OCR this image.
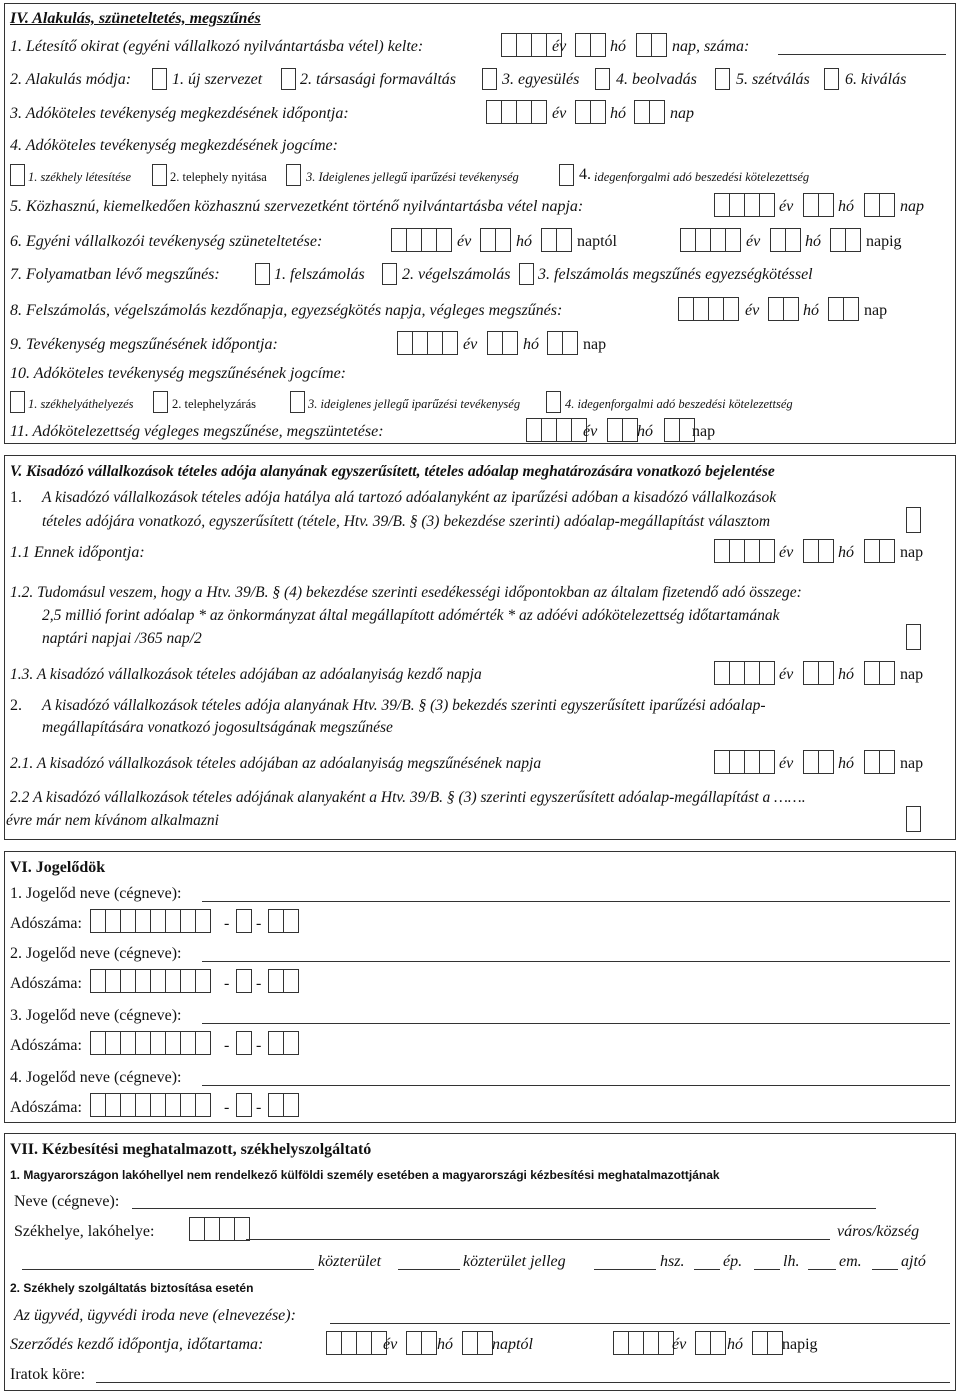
IV. Alakulás, szüneteltetés, megszűnés
1. Létesítő okirat (egyéni vállalkozó nyilvántartásba vétel) kelte:	év	hó	nap, száma:
2. Alakulás módja:	1. új szervezet 2. társasági formaváltás	3. egyesülés 4. beolvadás 5. szétválás 6. kiválás
3. Adóköteles tevékenység megkezdésének időpontja:	év	hó	nap
4. Adóköteles tevékenység megkezdésének jogcíme:
1. székhely létesítése	2. telephely nyitása	3. Ideiglenes jellegű iparűzési tevékenység	4. idegenforgalmi adó beszedési kötelezettség
5. Közhasznú, kiemelkedően közhasznú szervezetként történő nyilvántartásba vétel napja:	év	hó	nap
6. Egyéni vállalkozói tevékenység szüneteltetése:	év	hó	naptól	év	hó	napig
7. Folyamatban lévő megszűnés:	1. felszámolás 2. végelszámolás 3. felszámolás megszűnés egyezségkötéssel
8. Felszámolás, végelszámolás kezdőnapja, egyezségkötés napja, végleges megszűnés:	év	hó	nap
9. Tevékenység megszűnésének időpontja:	év	hó	nap
10. Adóköteles tevékenység megszűnésének jogcíme:
1. székhelyáthelyezés	2. telephelyzárás	3. ideiglenes jellegű iparűzési tevékenység	4. idegenforgalmi adó beszedési kötelezettség
11. Adókötelezettség végleges megszűnése, megszüntetése:	év hó nap
V. Kisadózó vállalkozások tételes adója alanyának egyszerűsített, tételes adóalap meghatározására vonatkozó bejelentése
1. A kisadózó vállalkozások tételes adója hatálya alá tartozó adóalanyként az iparűzési adóban a kisadózó vállalkozások
tételes adójára vonatkozó, egyszerűsített (tétele, Htv. 39/B. § (3) bekezdése szerinti) adóalap-megállapítást választom
1.1 Ennek időpontja:	év	hó	nap
1.2. Tudomásul veszem, hogy a Htv. 39/B. § (4) bekezdése szerinti esedékességi időpontokban az általam fizetendő adó összege:
2,5 millió forint adóalap * az önkormányzat által megállapított adómérték * az adóévi adókötelezettség időtartamának
naptári napjai /365 nap/2
1.3. A kisadózó vállalkozások tételes adójában az adóalanyiság kezdő napja	év	hó	nap
2. A kisadózó vállalkozások tételes adója alanyának Htv. 39/B. § (3) bekezdés szerinti egyszerűsített iparűzési adóalap-
megállapítására vonatkozó jogosultságának megszűnése
2.1. A kisadózó vállalkozások tételes adójában az adóalanyiság megszűnésének napja	év	hó	nap
2.2 A kisadózó vállalkozások tételes adójának alanyaként a Htv. 39/B. § (3) szerinti egyszerűsített adóalap-megállapítást a …….
évre már nem kívánom alkalmazni
VI. Jogelődök
1. Jogelőd neve (cégneve):
Adószáma:	- -
2. Jogelőd neve (cégneve):
Adószáma:	- -
3. Jogelőd neve (cégneve):
Adószáma:	- -
4. Jogelőd neve (cégneve):
Adószáma:	- -
VII. Kézbesítési meghatalmazott, székhelyszolgáltató
1. Magyarországon lakóhellyel nem rendelkező külföldi személy esetében a magyarországi kézbesítési meghatalmazottjának
Neve (cégneve):
Székhelye, lakóhelye:	város/község
közterület	közterület jelleg	hsz. ép.	lh. em. ajtó
2. Székhely szolgáltatás biztosítása esetén
Az ügyvéd, ügyvédi iroda neve (elnevezése):
Szerződés kezdő időpontja, időtartama:	év hó naptól	év	hó napig
Iratok köre:
